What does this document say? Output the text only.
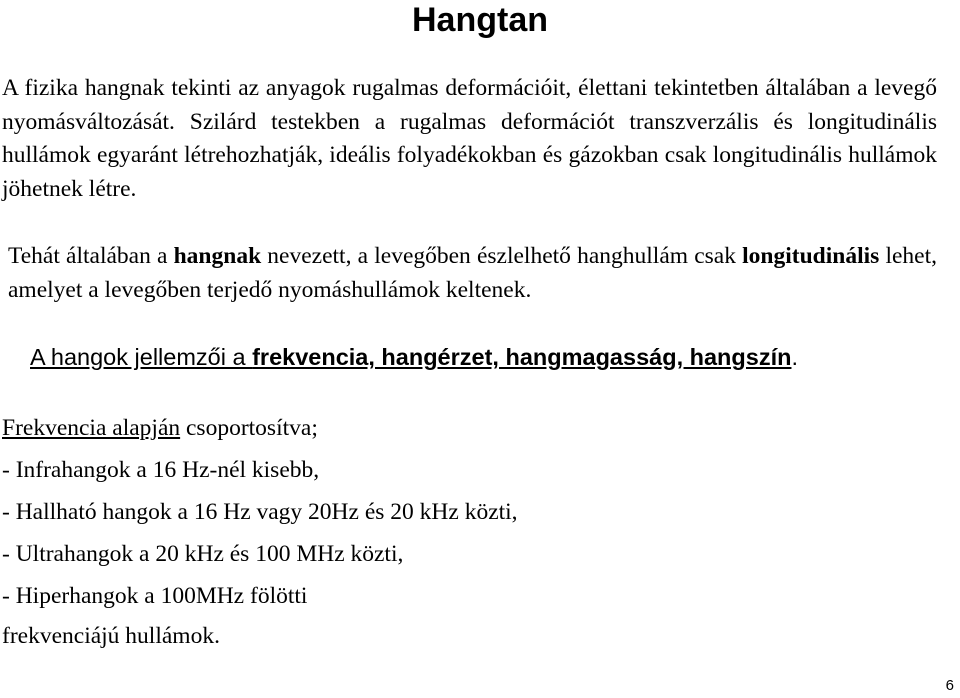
Hangtan

A fizika hangnak tekinti az anyagok rugalmas deformációit, élettani tekintetben általában a levegő nyomásváltozását. Szilárd testekben a rugalmas deformációt transzverzális és longitudinális hullámok egyaránt létrehozhatják, ideális folyadékokban és gázokban csak longitudinális hullámok jöhetnek létre.

Tehát általában a hangnak nevezett, a levegőben észlelhető hanghullám csak longitudinális lehet, amelyet a levegőben terjedő nyomáshullámok keltenek.

A hangok jellemzői a frekvencia, hangérzet, hangmagasság, hangszín.
Frekvencia alapján csoportosítva;
- Infrahangok a 16 Hz-nél kisebb,
- Hallható hangok a 16 Hz vagy 20Hz és 20 kHz közti,
- Ultrahangok a 20 kHz és 100 MHz közti,
- Hiperhangok a 100MHz fölötti
frekvenciájú hullámok.
6
